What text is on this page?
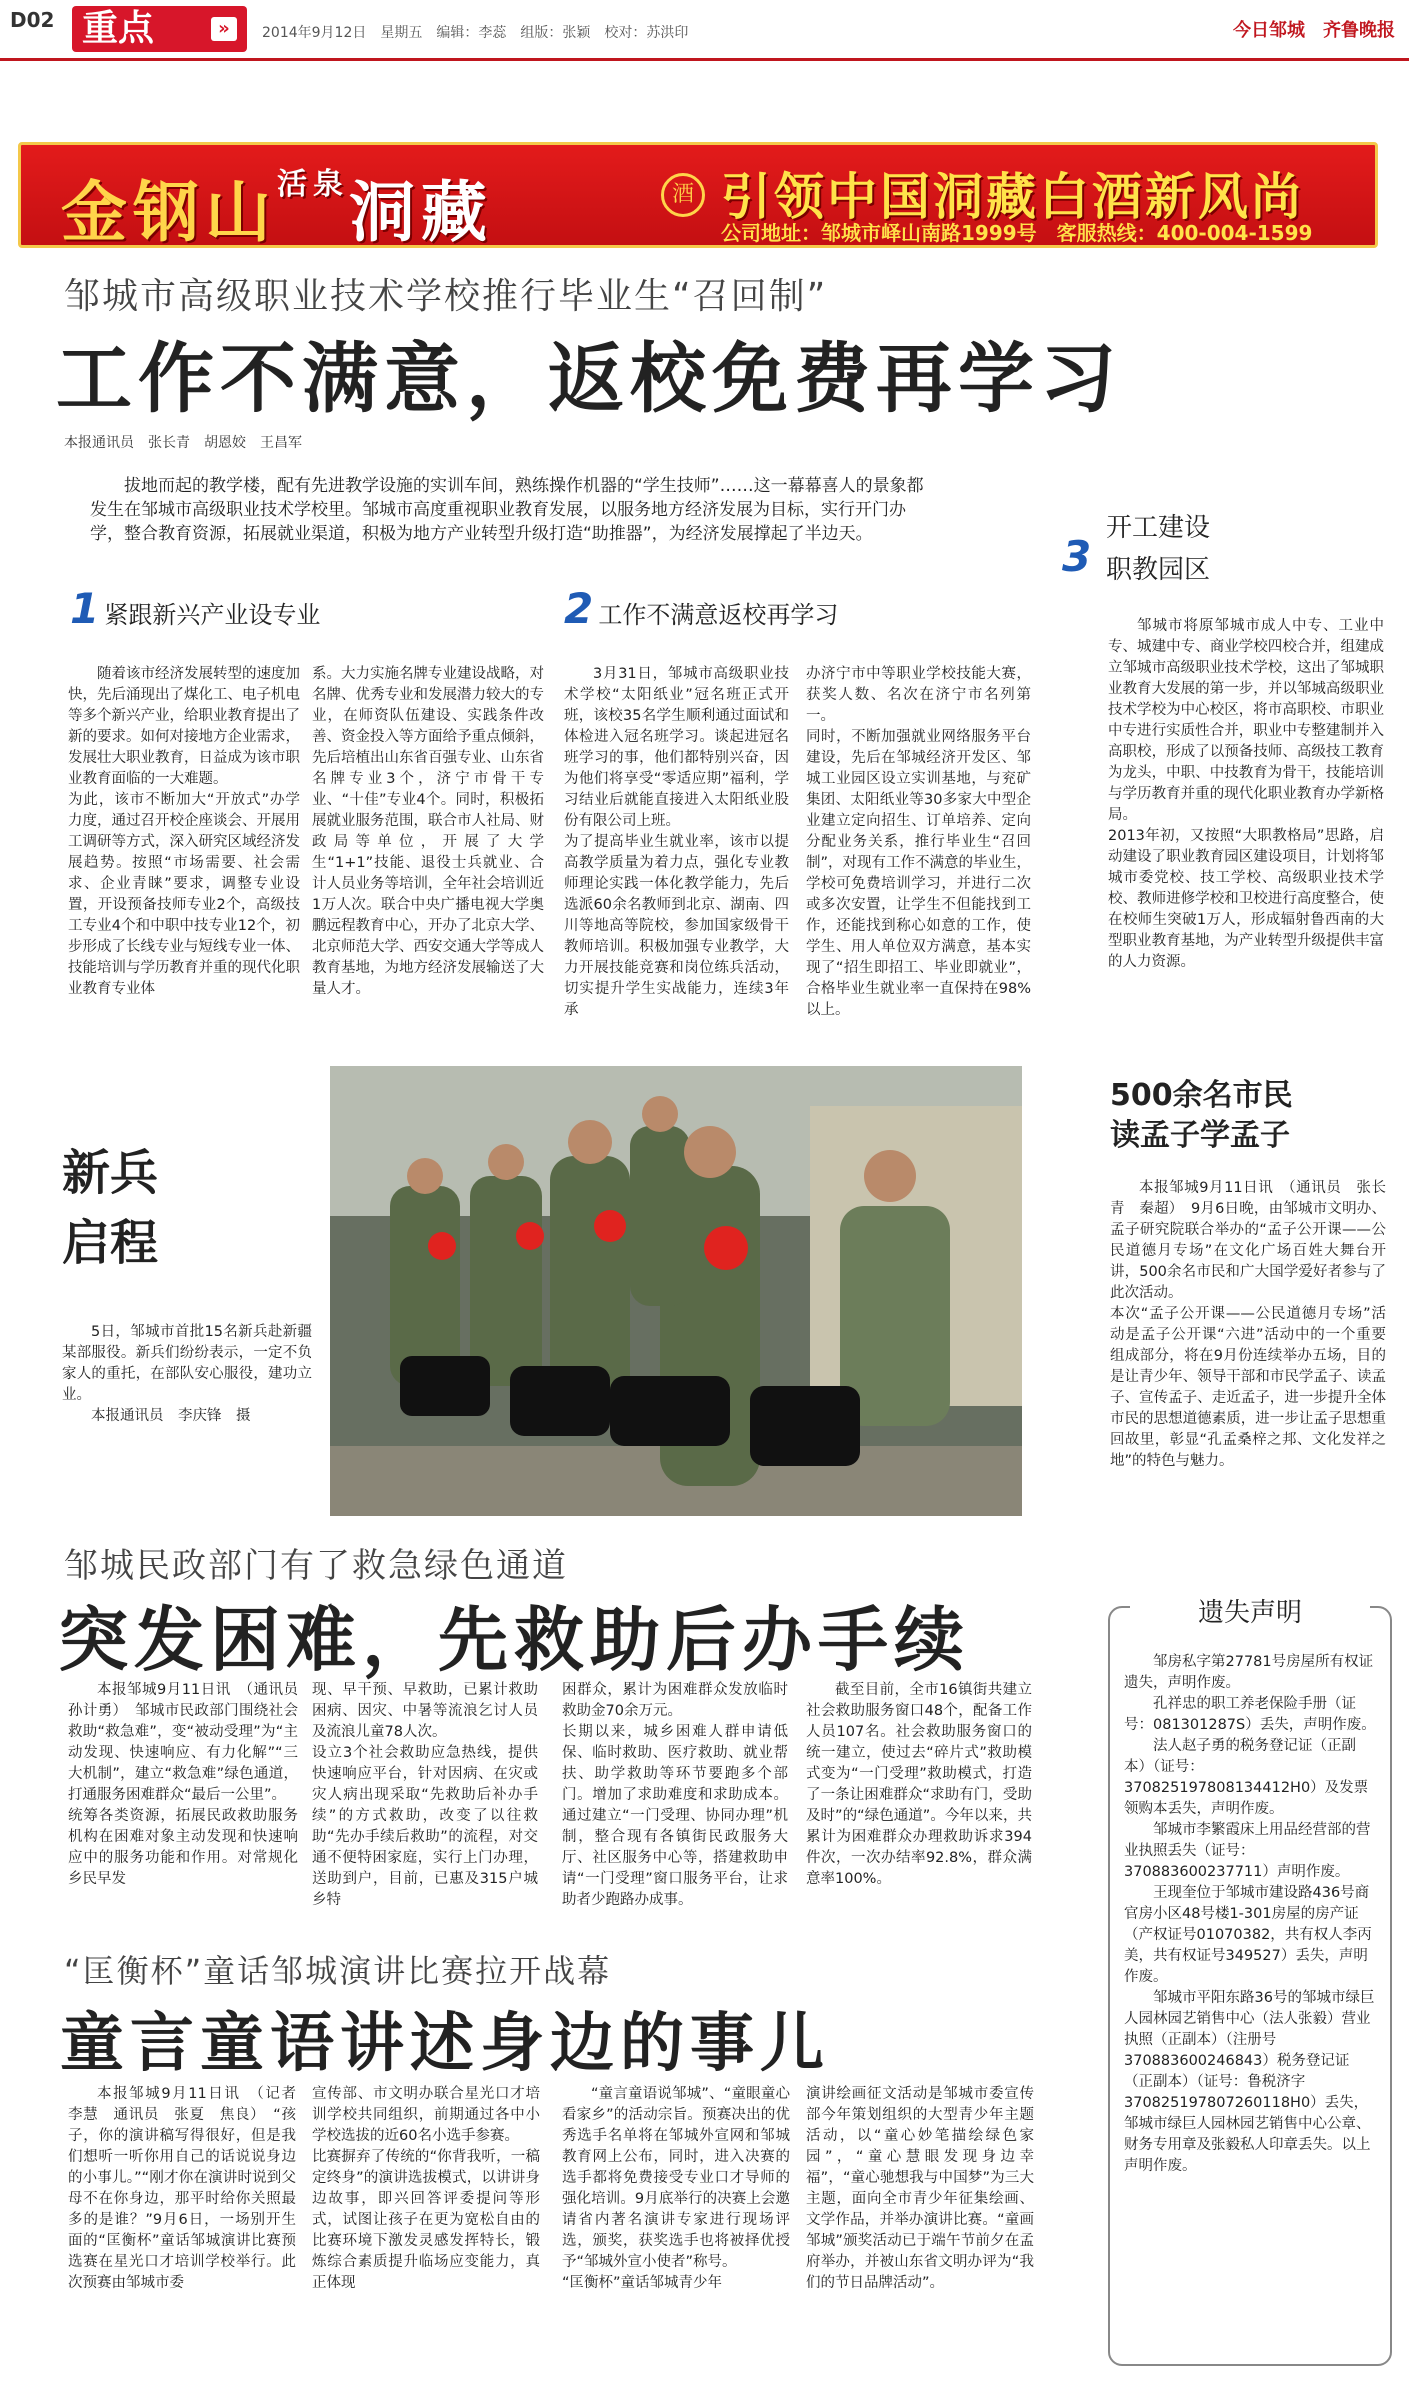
D02 重点	»	2014年9月12日　星期五　编辑：李蕊　组版：张颖　校对：苏洪印	今日邹城　齐鲁晚报
金钢山$^{活泉}$洞藏	酒 引领中国洞藏白酒新风尚
公司地址：邹城市峄山南路1999号　客服热线：400-004-1599
邹城市高级职业技术学校推行毕业生“召回制”
工作不满意，返校免费再学习
本报通讯员　张长青　胡恩姣　王昌军
拔地而起的教学楼，配有先进教学设施的实训车间，熟练操作机器的“学生技师”……这一幕幕喜人的景象都发生在邹城市高级职业技术学校里。邹城市高度重视职业教育发展，以服务地方经济发展为目标，实行开门办学，整合教育资源，拓展就业渠道，积极为地方产业转型升级打造“助推器”，为经济发展撑起了半边天。
1 紧跟新兴产业设专业
随着该市经济发展转型的速度加快，先后涌现出了煤化工、电子机电等多个新兴产业，给职业教育提出了新的要求。如何对接地方企业需求，发展壮大职业教育，日益成为该市职业教育面临的一大难题。
为此，该市不断加大“开放式”办学力度，通过召开校企座谈会、开展用工调研等方式，深入研究区域经济发展趋势。按照“市场需要、社会需求、企业青睐”要求，调整专业设置，开设预备技师专业2个，高级技工专业4个和中职中技专业12个，初步形成了长线专业与短线专业一体、技能培训与学历教育并重的现代化职业教育专业体
系。大力实施名牌专业建设战略，对名牌、优秀专业和发展潜力较大的专业，在师资队伍建设、实践条件改善、资金投入等方面给予重点倾斜，先后培植出山东省百强专业、山东省名牌专业3个，济宁市骨干专业、“十佳”专业4个。同时，积极拓展就业服务范围，联合市人社局、财政局等单位，开展了大学生“1+1”技能、退役士兵就业、合计人员业务等培训，全年社会培训近1万人次。联合中央广播电视大学奥鹏远程教育中心，开办了北京大学、北京师范大学、西安交通大学等成人教育基地，为地方经济发展输送了大量人才。
2 工作不满意返校再学习
3月31日，邹城市高级职业技术学校“太阳纸业”冠名班正式开班，该校35名学生顺利通过面试和体检进入冠名班学习。谈起进冠名班学习的事，他们都特别兴奋，因为他们将享受“零适应期”福利，学习结业后就能直接进入太阳纸业股份有限公司上班。
为了提高毕业生就业率，该市以提高教学质量为着力点，强化专业教师理论实践一体化教学能力，先后选派60余名教师到北京、湖南、四川等地高等院校，参加国家级骨干教师培训。积极加强专业教学，大力开展技能竞赛和岗位练兵活动，切实提升学生实战能力，连续3年承
办济宁市中等职业学校技能大赛，获奖人数、名次在济宁市名列第一。
同时，不断加强就业网络服务平台建设，先后在邹城经济开发区、邹城工业园区设立实训基地，与兖矿集团、太阳纸业等30多家大中型企业建立定向招生、订单培养、定向分配业务关系，推行毕业生“召回制”，对现有工作不满意的毕业生，学校可免费培训学习，并进行二次或多次安置，让学生不但能找到工作，还能找到称心如意的工作，使学生、用人单位双方满意，基本实现了“招生即招工、毕业即就业”，合格毕业生就业率一直保持在98%以上。
3
开工建设
职教园区
邹城市将原邹城市成人中专、工业中专、城建中专、商业学校四校合并，组建成立邹城市高级职业技术学校，这出了邹城职业教育大发展的第一步，并以邹城高级职业技术学校为中心校区，将市高职校、市职业中专进行实质性合并，职业中专整建制并入高职校，形成了以预备技师、高级技工教育为龙头，中职、中技教育为骨干，技能培训与学历教育并重的现代化职业教育办学新格局。
2013年初，又按照“大职教格局”思路，启动建设了职业教育园区建设项目，计划将邹城市委党校、技工学校、高级职业技术学校、教师进修学校和卫校进行高度整合，使在校师生突破1万人，形成辐射鲁西南的大型职业教育基地，为产业转型升级提供丰富的人力资源。
新兵
启程
5日，邹城市首批15名新兵赴新疆某部服役。新兵们纷纷表示，一定不负家人的重托，在部队安心服役，建功立业。
本报通讯员　李庆锋　摄
500余名市民
读孟子学孟子
本报邹城9月11日讯　（通讯员　张长青　秦超）　9月6日晚，由邹城市文明办、孟子研究院联合举办的“孟子公开课——公民道德月专场”在文化广场百姓大舞台开讲，500余名市民和广大国学爱好者参与了此次活动。
本次“孟子公开课——公民道德月专场”活动是孟子公开课“六进”活动中的一个重要组成部分，将在9月份连续举办五场，目的是让青少年、领导干部和市民学孟子、读孟子、宣传孟子、走近孟子，进一步提升全体市民的思想道德素质，进一步让孟子思想重回故里，彰显“孔孟桑梓之邦、文化发祥之地”的特色与魅力。
邹城民政部门有了救急绿色通道
突发困难，先救助后办手续
本报邹城9月11日讯　（通讯员　孙计勇）　邹城市民政部门围绕社会救助“救急难”，变“被动受理”为“主动发现、快速响应、有力化解”“三大机制”，建立“救急难”绿色通道，打通服务困难群众“最后一公里”。
统筹各类资源，拓展民政救助服务机构在困难对象主动发现和快速响应中的服务功能和作用。对常规化乡民早发
现、早干预、早救助，已累计救助困病、因灾、中暑等流浪乞讨人员及流浪儿童78人次。
设立3个社会救助应急热线，提供快速响应平台，针对因病、在灾或灾人病出现采取“先救助后补办手续”的方式救助，改变了以往救助“先办手续后救助”的流程，对交通不便特困家庭，实行上门办理，送助到户，目前，已惠及315户城乡特
困群众，累计为困难群众发放临时救助金70余万元。
长期以来，城乡困难人群申请低保、临时救助、医疗救助、就业帮扶、助学救助等环节要跑多个部门。增加了求助难度和求助成本。通过建立“一门受理、协同办理”机制，整合现有各镇街民政服务大厅、社区服务中心等，搭建救助申请“一门受理”窗口服务平台，让求助者少跑路办成事。
截至目前，全市16镇街共建立社会救助服务窗口48个，配备工作人员107名。社会救助服务窗口的统一建立，使过去“碎片式”救助模式变为“一门受理”救助模式，打造了一条让困难群众“求助有门，受助及时”的“绿色通道”。今年以来，共累计为困难群众办理救助诉求394件次，一次办结率92.8%，群众满意率100%。
“匡衡杯”童话邹城演讲比赛拉开战幕
童言童语讲述身边的事儿
本报邹城9月11日讯　（记者　李慧　通讯员　张夏　焦良）　“孩子，你的演讲稿写得很好，但是我们想听一听你用自己的话说说身边的小事儿。”“刚才你在演讲时说到父母不在你身边，那平时给你关照最多的是谁？”9月6日，一场别开生面的“匡衡杯”童话邹城演讲比赛预选赛在星光口才培训学校举行。此次预赛由邹城市委
宣传部、市文明办联合星光口才培训学校共同组织，前期通过各中小学校选拔的近60名小选手参赛。
比赛摒弃了传统的“你背我听，一稿定终身”的演讲选拔模式，以讲讲身边故事，即兴回答评委提问等形式，试图让孩子在更为宽松自由的比赛环境下激发灵感发挥特长，锻炼综合素质提升临场应变能力，真正体现
“童言童语说邹城”、“童眼童心看家乡”的活动宗旨。预赛决出的优秀选手名单将在邹城外宣网和邹城教育网上公布，同时，进入决赛的选手都将免费接受专业口才导师的强化培训。9月底举行的决赛上会邀请省内著名演讲专家进行现场评选，颁奖，获奖选手也将被择优授予“邹城外宣小使者”称号。
“匡衡杯”童话邹城青少年
演讲绘画征文活动是邹城市委宣传部今年策划组织的大型青少年主题活动，以“童心妙笔描绘绿色家园”，“童心慧眼发现身边幸福”，“童心驰想我与中国梦”为三大主题，面向全市青少年征集绘画、文学作品，并举办演讲比赛。“童画邹城”颁奖活动已于端午节前夕在孟府举办，并被山东省文明办评为“我们的节日品牌活动”。
遗失声明
邹房私字第27781号房屋所有权证遗失，声明作废。
孔祥忠的职工养老保险手册（证号：081301287S）丢失，声明作废。
法人赵子勇的税务登记证（正副本）（证号：370825197808134412H0）及发票领购本丢失，声明作废。
邹城市李繁霞床上用品经营部的营业执照丢失（证号：370883600237711）声明作废。
王现奎位于邹城市建设路436号商官房小区48号楼1-301房屋的房产证（产权证号01070382，共有权人李丙美，共有权证号349527）丢失，声明作废。
邹城市平阳东路36号的邹城市绿巨人园林园艺销售中心（法人张毅）营业执照（正副本）（注册号370883600246843）税务登记证（正副本）（证号：鲁税济字370825197807260118H0）丢失，邹城市绿巨人园林园艺销售中心公章、财务专用章及张毅私人印章丢失。以上声明作废。
